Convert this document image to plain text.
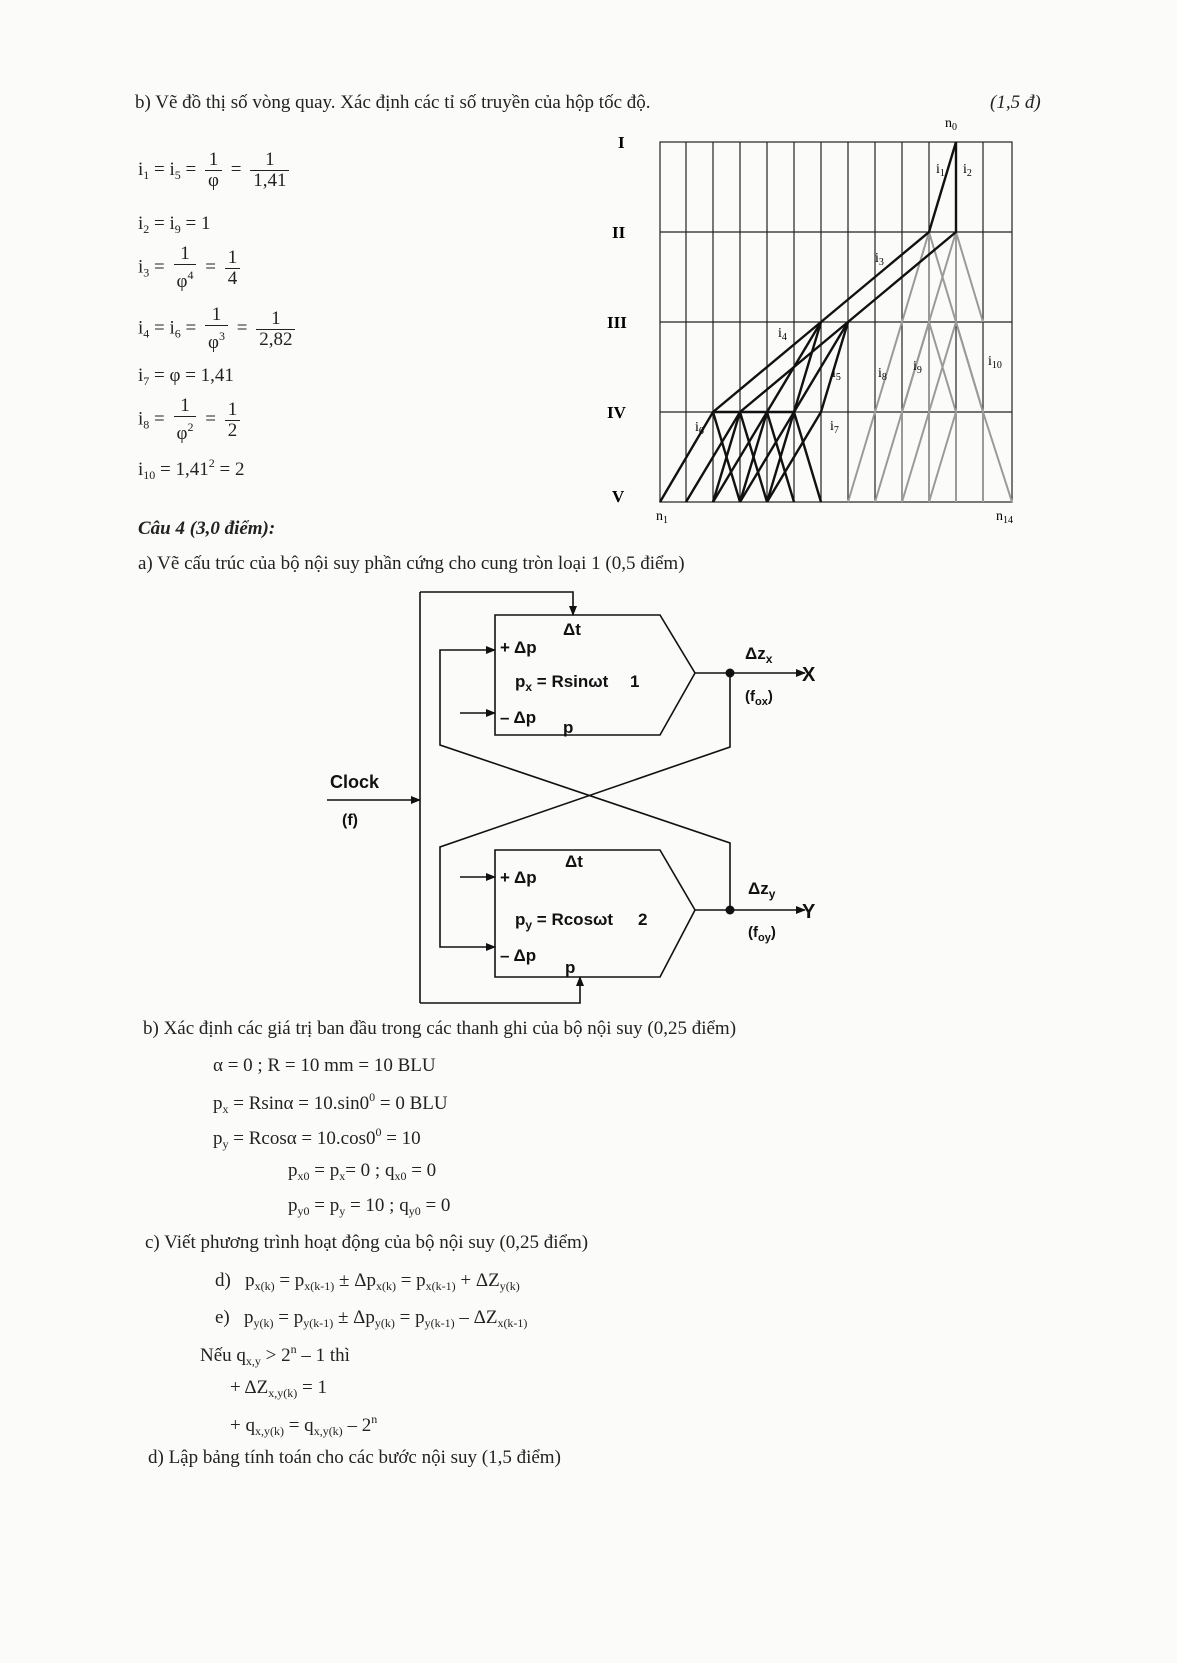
b) Vẽ đồ thị số vòng quay. Xác định các tỉ số truyền của hộp tốc độ.	(1,5 đ)
$i_1 = i_5 = \frac{1}{\varphi} = \frac{1}{1,41}$
$i_2 = i_9 = 1$
$i_3 = \frac{1}{\varphi^4} = \frac{1}{4}$
$i_4 = i_6 = \frac{1}{\varphi^3} = \frac{1}{2,82}$
$i_7 = \varphi = 1,41$
$i_8 = \frac{1}{\varphi^2} = \frac{1}{2}$
$i_{10} = 1,41^2 = 2$
I
II
III
IV
V
$n_0$
$n_1$	$n_{14}$
$i_1$ $i_2$
$i_3$
$i_4$
$i_5$
$i_6$	$i_7$
$i_8$
$i_9$
$i_{10}$
Câu 4 (3,0 điểm):
a) Vẽ cấu trúc của bộ nội suy phần cứng cho cung tròn loại 1 (0,5 điểm)
Clock
(f)
+ Δp
Δt
$p_x = Rsin\omega t$ 1
– Δp
p
+ Δp
Δt
$p_y = Rcos\omega t$ 2
– Δp
p
$\Delta z_x$
$(f_{ox})$
X
$\Delta z_y$
$(f_{oy})$
Y
b) Xác định các giá trị ban đầu trong các thanh ghi của bộ nội suy (0,25 điểm)
α = 0 ; R = 10 mm = 10 BLU
$p_x = Rsin\alpha = 10.\sin 0^0 = 0$ BLU
$p_y = Rcos\alpha = 10.\cos 0^0 = 10$
$p_{x0} = p_x= 0$ ; $q_{x0} = 0$
$p_{y0} = p_y = 10$ ; $q_{y0} = 0$
c) Viết phương trình hoạt động của bộ nội suy (0,25 điểm)
d) $p_{x(k)} = p_{x(k-1)} \pm \Delta p_{x(k)} = p_{x(k-1)} + \Delta Z_{y(k)}$
e) $p_{y(k)} = p_{y(k-1)} \pm \Delta p_{y(k)} = p_{y(k-1)} - \Delta Z_{x(k-1)}$
Nếu $q_{x,y} > 2^n - 1$ thì
+ $\Delta Z_{x,y(k)} = 1$
+ $q_{x,y(k)} = q_{x,y(k)} - 2^n$
d) Lập bảng tính toán cho các bước nội suy (1,5 điểm)
